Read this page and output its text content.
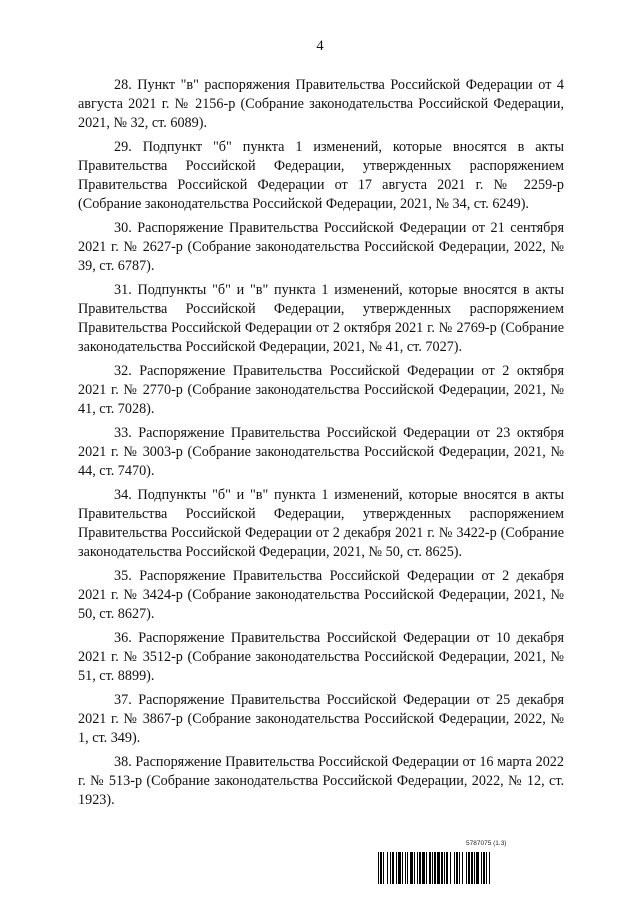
4

28. Пункт "в" распоряжения Правительства Российской Федерации от 4 августа 2021 г. № 2156-р (Собрание законодательства Российской Федерации, 2021, № 32, ст. 6089).

29. Подпункт "б" пункта 1 изменений, которые вносятся в акты Правительства Российской Федерации, утвержденных распоряжением Правительства Российской Федерации от 17 августа 2021 г. № 2259-р (Собрание законодательства Российской Федерации, 2021, № 34, ст. 6249).

30. Распоряжение Правительства Российской Федерации от 21 сентября 2021 г. № 2627-р (Собрание законодательства Российской Федерации, 2022, № 39, ст. 6787).

31. Подпункты "б" и "в" пункта 1 изменений, которые вносятся в акты Правительства Российской Федерации, утвержденных распоряжением Правительства Российской Федерации от 2 октября 2021 г. № 2769-р (Собрание законодательства Российской Федерации, 2021, № 41, ст. 7027).

32. Распоряжение Правительства Российской Федерации от 2 октября 2021 г. № 2770-р (Собрание законодательства Российской Федерации, 2021, № 41, ст. 7028).

33. Распоряжение Правительства Российской Федерации от 23 октября 2021 г. № 3003-р (Собрание законодательства Российской Федерации, 2021, № 44, ст. 7470).

34. Подпункты "б" и "в" пункта 1 изменений, которые вносятся в акты Правительства Российской Федерации, утвержденных распоряжением Правительства Российской Федерации от 2 декабря 2021 г. № 3422-р (Собрание законодательства Российской Федерации, 2021, № 50, ст. 8625).

35. Распоряжение Правительства Российской Федерации от 2 декабря 2021 г. № 3424-р (Собрание законодательства Российской Федерации, 2021, № 50, ст. 8627).

36. Распоряжение Правительства Российской Федерации от 10 декабря 2021 г. № 3512-р (Собрание законодательства Российской Федерации, 2021, № 51, ст. 8899).

37. Распоряжение Правительства Российской Федерации от 25 декабря 2021 г. № 3867-р (Собрание законодательства Российской Федерации, 2022, № 1, ст. 349).

38. Распоряжение Правительства Российской Федерации от 16 марта 2022 г. № 513-р (Собрание законодательства Российской Федерации, 2022, № 12, ст. 1923).

5787075 (1.3)
